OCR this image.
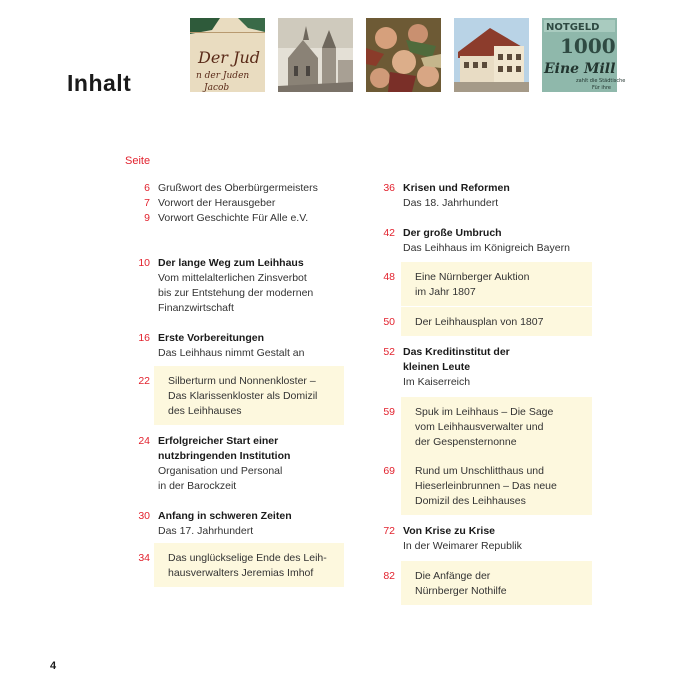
Inhalt
Der Jud
n der Juden
Jacob
NOTGELD
1000
Eine Mill
zahlt die Städtische
Für ihre
Seite
6 Grußwort des Oberbürgermeisters
7 Vorwort der Herausgeber
9 Vorwort Geschichte Für Alle e.V.
10 Der lange Weg zum Leihhaus
Vom mittelalterlichen Zinsverbot
bis zur Entstehung der modernen
Finanzwirtschaft
16 Erste Vorbereitungen
Das Leihhaus nimmt Gestalt an
22 Silberturm und Nonnenkloster –
Das Klarissenkloster als Domizil
des Leihhauses
24 Erfolgreicher Start einer
nutzbringenden Institution
Organisation und Personal
in der Barockzeit
30 Anfang in schweren Zeiten
Das 17. Jahrhundert
34 Das unglückselige Ende des Leih-
hausverwalters Jeremias Imhof
36 Krisen und Reformen
Das 18. Jahrhundert
42 Der große Umbruch
Das Leihhaus im Königreich Bayern
48 Eine Nürnberger Auktion
im Jahr 1807
50 Der Leihhausplan von 1807
52 Das Kreditinstitut der
kleinen Leute
Im Kaiserreich
59 Spuk im Leihhaus – Die Sage
vom Leihhausverwalter und
der Gespensternonne
69 Rund um Unschlitthaus und
Hieserleinbrunnen – Das neue
Domizil des Leihhauses
72 Von Krise zu Krise
In der Weimarer Republik
82 Die Anfänge der
Nürnberger Nothilfe
4
